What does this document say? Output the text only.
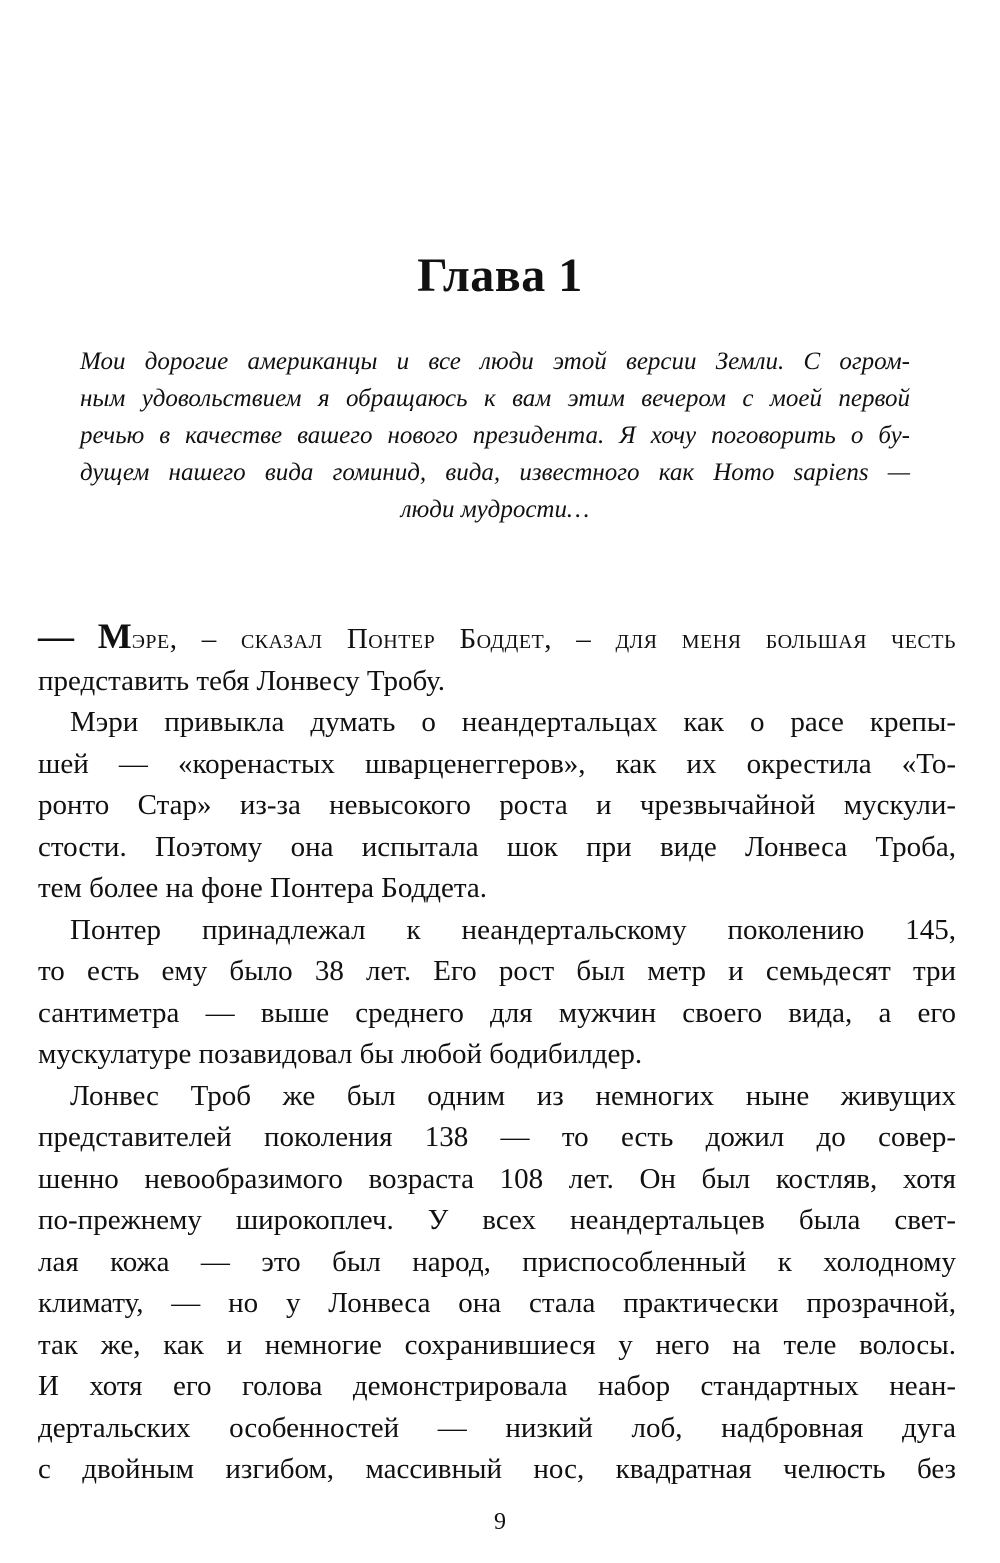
Глава 1
Мои дорогие американцы и все люди этой версии Земли. С огром-
ным удовольствием я обращаюсь к вам этим вечером с моей первой
речью в качестве вашего нового президента. Я хочу поговорить о бу-
дущем нашего вида гоминид, вида, известного как Homo sapiens —
люди мудрости…
— Мэре, – сказал Понтер Боддет, – для меня большая честь
представить тебя Лонвесу Тробу.
Мэри привыкла думать о неандертальцах как о расе крепы-
шей — «коренастых шварценеггеров», как их окрестила «То-
ронто Стар» из-за невысокого роста и чрезвычайной мускули-
стости. Поэтому она испытала шок при виде Лонвеса Троба,
тем более на фоне Понтера Боддета.
Понтер принадлежал к неандертальскому поколению 145,
то есть ему было 38 лет. Его рост был метр и семьдесят три
сантиметра — выше среднего для мужчин своего вида, а его
мускулатуре позавидовал бы любой бодибилдер.
Лонвес Троб же был одним из немногих ныне живущих
представителей поколения 138 — то есть дожил до совер-
шенно невообразимого возраста 108 лет. Он был костляв, хотя
по-прежнему широкоплеч. У всех неандертальцев была свет-
лая кожа — это был народ, приспособленный к холодному
климату, — но у Лонвеса она стала практически прозрачной,
так же, как и немногие сохранившиеся у него на теле волосы.
И хотя его голова демонстрировала набор стандартных неан-
дертальских особенностей — низкий лоб, надбровная дуга
с двойным изгибом, массивный нос, квадратная челюсть без
9
